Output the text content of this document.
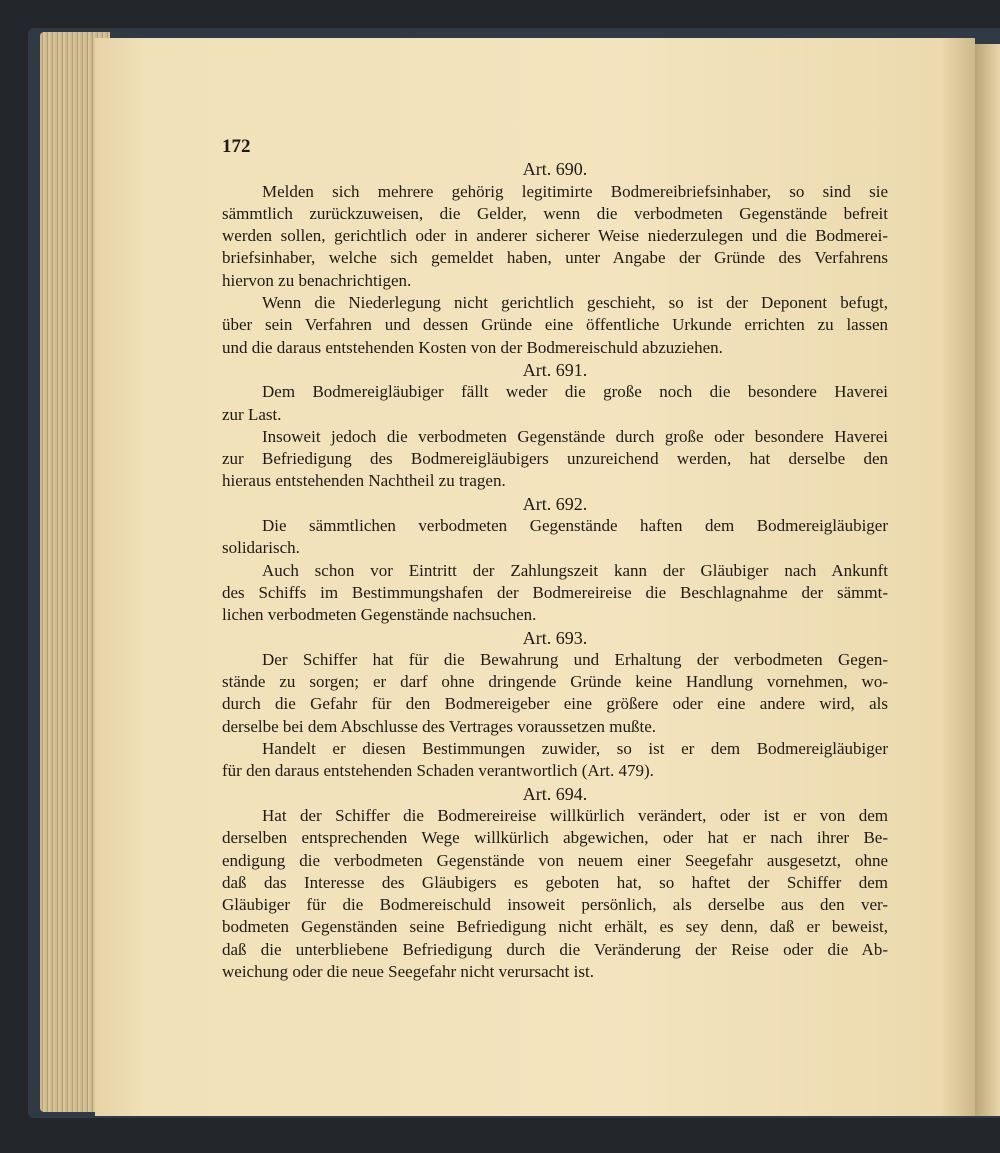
172
Art. 690.
Melden sich mehrere gehörig legitimirte Bodmereibriefsinhaber, so sind sie
sämmtlich zurückzuweisen, die Gelder, wenn die verbodmeten Gegenstände befreit
werden sollen, gerichtlich oder in anderer sicherer Weise niederzulegen und die Bodmerei-
briefsinhaber, welche sich gemeldet haben, unter Angabe der Gründe des Verfahrens
hiervon zu benachrichtigen.
Wenn die Niederlegung nicht gerichtlich geschieht, so ist der Deponent befugt,
über sein Verfahren und dessen Gründe eine öffentliche Urkunde errichten zu lassen
und die daraus entstehenden Kosten von der Bodmereischuld abzuziehen.
Art. 691.
Dem Bodmereigläubiger fällt weder die große noch die besondere Haverei
zur Last.
Insoweit jedoch die verbodmeten Gegenstände durch große oder besondere Haverei
zur Befriedigung des Bodmereigläubigers unzureichend werden, hat derselbe den
hieraus entstehenden Nachtheil zu tragen.
Art. 692.
Die sämmtlichen verbodmeten Gegenstände haften dem Bodmereigläubiger
solidarisch.
Auch schon vor Eintritt der Zahlungszeit kann der Gläubiger nach Ankunft
des Schiffs im Bestimmungshafen der Bodmereireise die Beschlagnahme der sämmt-
lichen verbodmeten Gegenstände nachsuchen.
Art. 693.
Der Schiffer hat für die Bewahrung und Erhaltung der verbodmeten Gegen-
stände zu sorgen; er darf ohne dringende Gründe keine Handlung vornehmen, wo-
durch die Gefahr für den Bodmereigeber eine größere oder eine andere wird, als
derselbe bei dem Abschlusse des Vertrages voraussetzen mußte.
Handelt er diesen Bestimmungen zuwider, so ist er dem Bodmereigläubiger
für den daraus entstehenden Schaden verantwortlich (Art. 479).
Art. 694.
Hat der Schiffer die Bodmereireise willkürlich verändert, oder ist er von dem
derselben entsprechenden Wege willkürlich abgewichen, oder hat er nach ihrer Be-
endigung die verbodmeten Gegenstände von neuem einer Seegefahr ausgesetzt, ohne
daß das Interesse des Gläubigers es geboten hat, so haftet der Schiffer dem
Gläubiger für die Bodmereischuld insoweit persönlich, als derselbe aus den ver-
bodmeten Gegenständen seine Befriedigung nicht erhält, es sey denn, daß er beweist,
daß die unterbliebene Befriedigung durch die Veränderung der Reise oder die Ab-
weichung oder die neue Seegefahr nicht verursacht ist.
